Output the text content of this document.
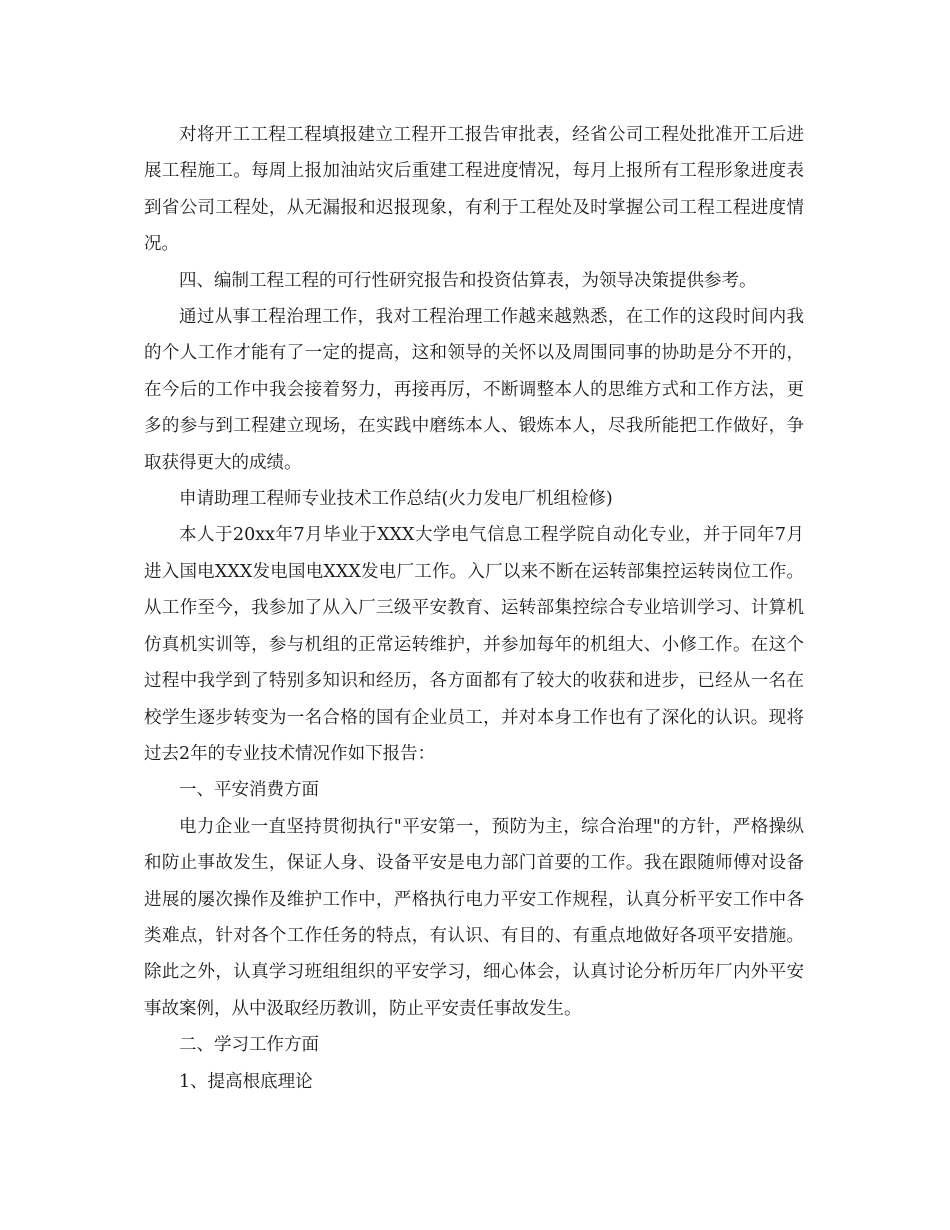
对将开工工程工程填报建立工程开工报告审批表，经省公司工程处批准开工后进展工程施工。每周上报加油站灾后重建工程进度情况，每月上报所有工程形象进度表到省公司工程处，从无漏报和迟报现象，有利于工程处及时掌握公司工程工程进度情况。

四、编制工程工程的可行性研究报告和投资估算表，为领导决策提供参考。

通过从事工程治理工作，我对工程治理工作越来越熟悉，在工作的这段时间内我的个人工作才能有了一定的提高，这和领导的关怀以及周围同事的协助是分不开的，在今后的工作中我会接着努力，再接再厉，不断调整本人的思维方式和工作方法，更多的参与到工程建立现场，在实践中磨练本人、锻炼本人，尽我所能把工作做好，争取获得更大的成绩。

申请助理工程师专业技术工作总结(火力发电厂机组检修)

本人于20xx年7月毕业于XXX大学电气信息工程学院自动化专业，并于同年7月进入国电XXX发电国电XXX发电厂工作。入厂以来不断在运转部集控运转岗位工作。从工作至今，我参加了从入厂三级平安教育、运转部集控综合专业培训学习、计算机仿真机实训等，参与机组的正常运转维护，并参加每年的机组大、小修工作。在这个过程中我学到了特别多知识和经历，各方面都有了较大的收获和进步，已经从一名在校学生逐步转变为一名合格的国有企业员工，并对本身工作也有了深化的认识。现将过去2年的专业技术情况作如下报告：

一、平安消费方面

电力企业一直坚持贯彻执行"平安第一，预防为主，综合治理"的方针，严格操纵和防止事故发生，保证人身、设备平安是电力部门首要的工作。我在跟随师傅对设备进展的屡次操作及维护工作中，严格执行电力平安工作规程，认真分析平安工作中各类难点，针对各个工作任务的特点，有认识、有目的、有重点地做好各项平安措施。除此之外，认真学习班组组织的平安学习，细心体会，认真讨论分析历年厂内外平安事故案例，从中汲取经历教训，防止平安责任事故发生。

二、学习工作方面

1、提高根底理论
